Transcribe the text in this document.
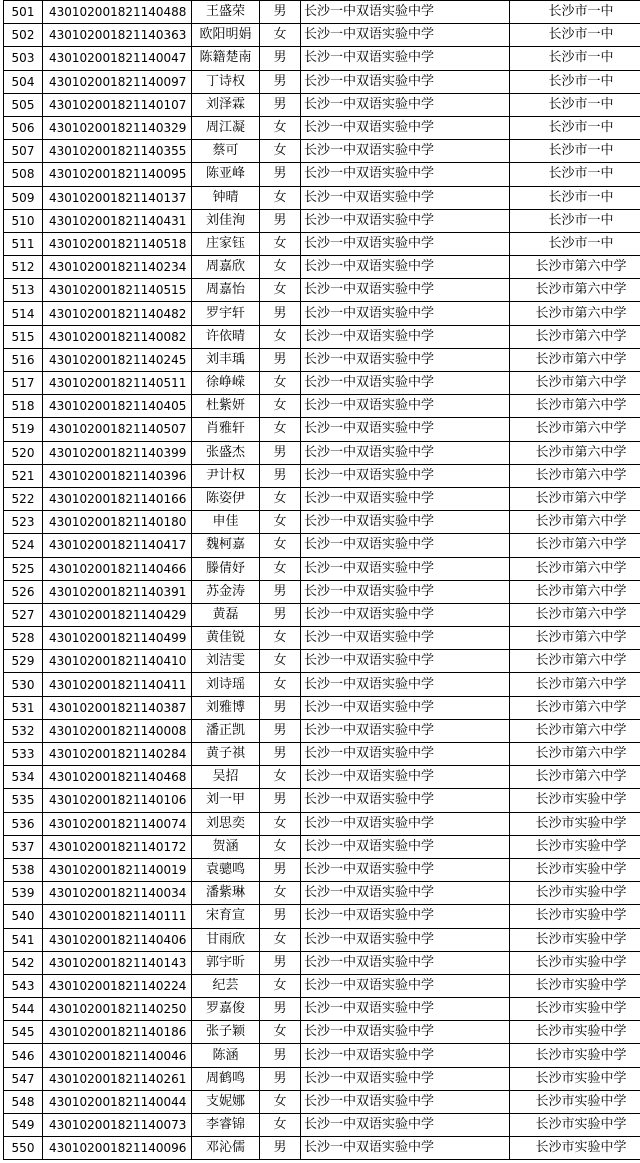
501	430102001821140488	王盛荣	男	长沙一中双语实验中学	长沙市一中
502	430102001821140363	欧阳明娟	女	长沙一中双语实验中学	长沙市一中
503	430102001821140047	陈籍楚南	男	长沙一中双语实验中学	长沙市一中
504	430102001821140097	丁诗权	男	长沙一中双语实验中学	长沙市一中
505	430102001821140107	刘泽霖	男	长沙一中双语实验中学	长沙市一中
506	430102001821140329	周江凝	女	长沙一中双语实验中学	长沙市一中
507	430102001821140355	蔡可	女	长沙一中双语实验中学	长沙市一中
508	430102001821140095	陈亚峰	男	长沙一中双语实验中学	长沙市一中
509	430102001821140137	钟晴	女	长沙一中双语实验中学	长沙市一中
510	430102001821140431	刘佳洵	男	长沙一中双语实验中学	长沙市一中
511	430102001821140518	庄家钰	女	长沙一中双语实验中学	长沙市一中
512	430102001821140234	周嘉欣	女	长沙一中双语实验中学	长沙市第六中学
513	430102001821140515	周嘉怡	女	长沙一中双语实验中学	长沙市第六中学
514	430102001821140482	罗宇轩	男	长沙一中双语实验中学	长沙市第六中学
515	430102001821140082	许依晴	女	长沙一中双语实验中学	长沙市第六中学
516	430102001821140245	刘丰瑀	男	长沙一中双语实验中学	长沙市第六中学
517	430102001821140511	徐峥嵘	女	长沙一中双语实验中学	长沙市第六中学
518	430102001821140405	杜紫妍	女	长沙一中双语实验中学	长沙市第六中学
519	430102001821140507	肖雅轩	女	长沙一中双语实验中学	长沙市第六中学
520	430102001821140399	张盛杰	男	长沙一中双语实验中学	长沙市第六中学
521	430102001821140396	尹计权	男	长沙一中双语实验中学	长沙市第六中学
522	430102001821140166	陈姿伊	女	长沙一中双语实验中学	长沙市第六中学
523	430102001821140180	申佳	女	长沙一中双语实验中学	长沙市第六中学
524	430102001821140417	魏柯嘉	女	长沙一中双语实验中学	长沙市第六中学
525	430102001821140466	滕倩妤	女	长沙一中双语实验中学	长沙市第六中学
526	430102001821140391	苏金涛	男	长沙一中双语实验中学	长沙市第六中学
527	430102001821140429	黄磊	男	长沙一中双语实验中学	长沙市第六中学
528	430102001821140499	黄佳锐	女	长沙一中双语实验中学	长沙市第六中学
529	430102001821140410	刘洁雯	女	长沙一中双语实验中学	长沙市第六中学
530	430102001821140411	刘诗瑶	女	长沙一中双语实验中学	长沙市第六中学
531	430102001821140387	刘雅博	男	长沙一中双语实验中学	长沙市第六中学
532	430102001821140008	潘正凯	男	长沙一中双语实验中学	长沙市第六中学
533	430102001821140284	黄子祺	男	长沙一中双语实验中学	长沙市第六中学
534	430102001821140468	吴招	女	长沙一中双语实验中学	长沙市第六中学
535	430102001821140106	刘一甲	男	长沙一中双语实验中学	长沙市实验中学
536	430102001821140074	刘思奕	女	长沙一中双语实验中学	长沙市实验中学
537	430102001821140172	贺涵	女	长沙一中双语实验中学	长沙市实验中学
538	430102001821140019	袁骢鸣	男	长沙一中双语实验中学	长沙市实验中学
539	430102001821140034	潘紫琳	女	长沙一中双语实验中学	长沙市实验中学
540	430102001821140111	宋育宣	男	长沙一中双语实验中学	长沙市实验中学
541	430102001821140406	甘雨欣	女	长沙一中双语实验中学	长沙市实验中学
542	430102001821140143	郭宇昕	男	长沙一中双语实验中学	长沙市实验中学
543	430102001821140224	纪芸	女	长沙一中双语实验中学	长沙市实验中学
544	430102001821140250	罗嘉俊	男	长沙一中双语实验中学	长沙市实验中学
545	430102001821140186	张子颖	女	长沙一中双语实验中学	长沙市实验中学
546	430102001821140046	陈涵	男	长沙一中双语实验中学	长沙市实验中学
547	430102001821140261	周鹤鸣	男	长沙一中双语实验中学	长沙市实验中学
548	430102001821140044	支妮娜	女	长沙一中双语实验中学	长沙市实验中学
549	430102001821140073	李睿锦	女	长沙一中双语实验中学	长沙市实验中学
550	430102001821140096	邓沁儒	男	长沙一中双语实验中学	长沙市实验中学
